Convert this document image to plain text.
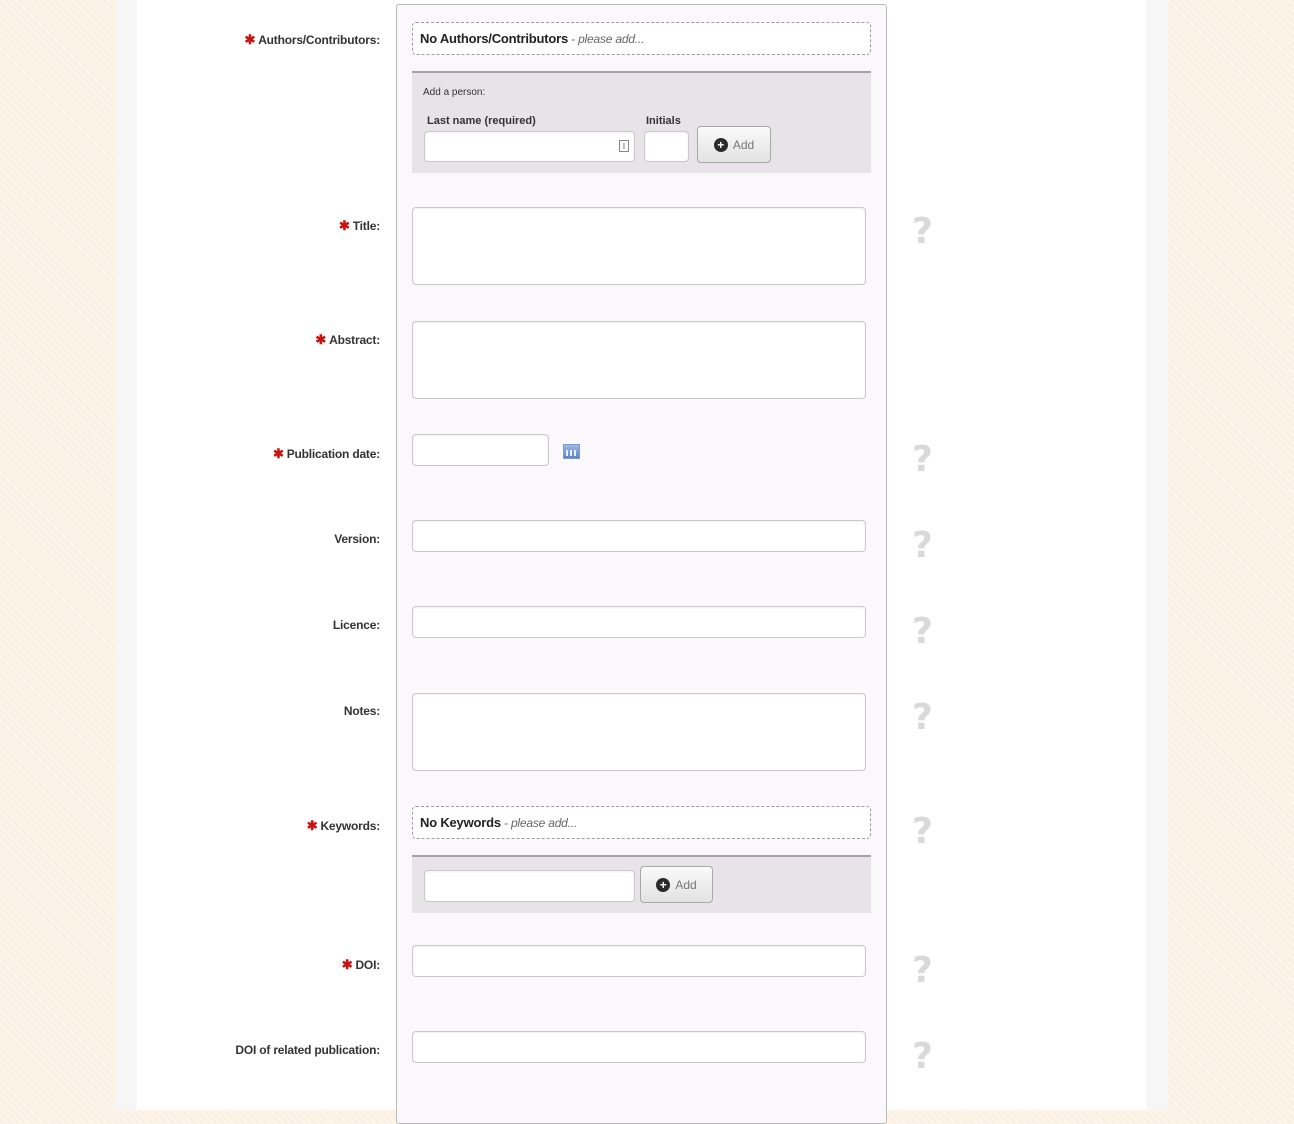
✱ Authors/Contributors:	No Authors/Contributors - please add...
Add a person:
Last name (required)	Initials
I	+ Add
✱ Title:	?
✱ Abstract:
✱ Publication date:	?
Version:	?
Licence:	?
Notes:	?
✱ Keywords:	No Keywords - please add...	?
+ Add
✱ DOI:	?
DOI of related publication:	?
